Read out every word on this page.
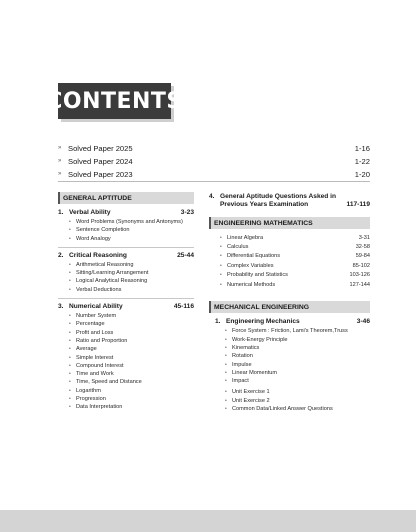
CONTENTS
» Solved Paper 2025	1-16
» Solved Paper 2024	1-22
» Solved Paper 2023	1-20
GENERAL APTITUDE
1. Verbal Ability	3-23
• Word Problems (Synonyms and Antonyms)
• Sentence Completion
• Word Analogy
2. Critical Reasoning	25-44
• Arithmetical Reasoning
• Sitting/Learning Arrangement
• Logical Analytical Reasoning
• Verbal Deductions
3. Numerical Ability	45-116
• Number System
• Percentage
• Profit and Loss
• Ratio and Proportion
• Average
• Simple Interest
• Compound Interest
• Time and Work
• Time, Speed and Distance
• Logarithm
• Progression
• Data Interpretation
4. General Aptitude Questions Asked in
Previous Years Examination	117-119
ENGINEERING MATHEMATICS
• Linear Algebra	3-31
• Calculus	32-58
• Differential Equations	59-84
• Complex Variables	85-102
• Probability and Statistics	103-126
• Numerical Methods	127-144
MECHANICAL ENGINEERING
1. Engineering Mechanics	3-46
• Force System : Friction, Lami's Theorem,Truss
• Work-Energy Principle
• Kinematics
• Rotation
• Impulse
• Linear Momentum
• Impact
• Unit Exercise 1
• Unit Exercise 2
• Common Data/Linked Answer Questions
